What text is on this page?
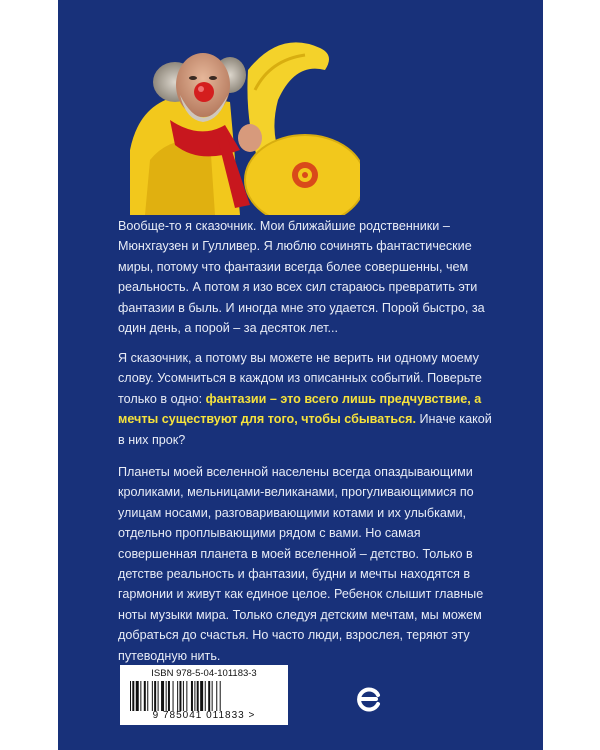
Вообще-то я сказочник. Мои ближайшие родственники – Мюнхгаузен и Гулливер. Я люблю сочинять фантастические миры, потому что фантазии всегда более совершенны, чем реальность. А потом я изо всех сил стараюсь превратить эти фантазии в быль. И иногда мне это удается. Порой быстро, за один день, а порой – за десяток лет...
Я сказочник, а потому вы можете не верить ни одному моему слову. Усомниться в каждом из описанных событий. Поверьте только в одно: фантазии – это всего лишь предчувствие, а мечты существуют для того, чтобы сбываться. Иначе какой в них прок?
Планеты моей вселенной населены всегда опаздывающими кроликами, мельницами-великанами, прогуливающимися по улицам носами, разговаривающими котами и их улыбками, отдельно проплывающими рядом с вами. Но самая совершенная планета в моей вселенной – детство. Только в детстве реальность и фантазии, будни и мечты находятся в гармонии и живут как единое целое. Ребенок слышит главные ноты музыки мира. Только следуя детским мечтам, мы можем добраться до счастья. Но часто люди, взрослея, теряют эту путеводную нить.
ISBN 978-5-04-101183-3
9 785041 011833 >
